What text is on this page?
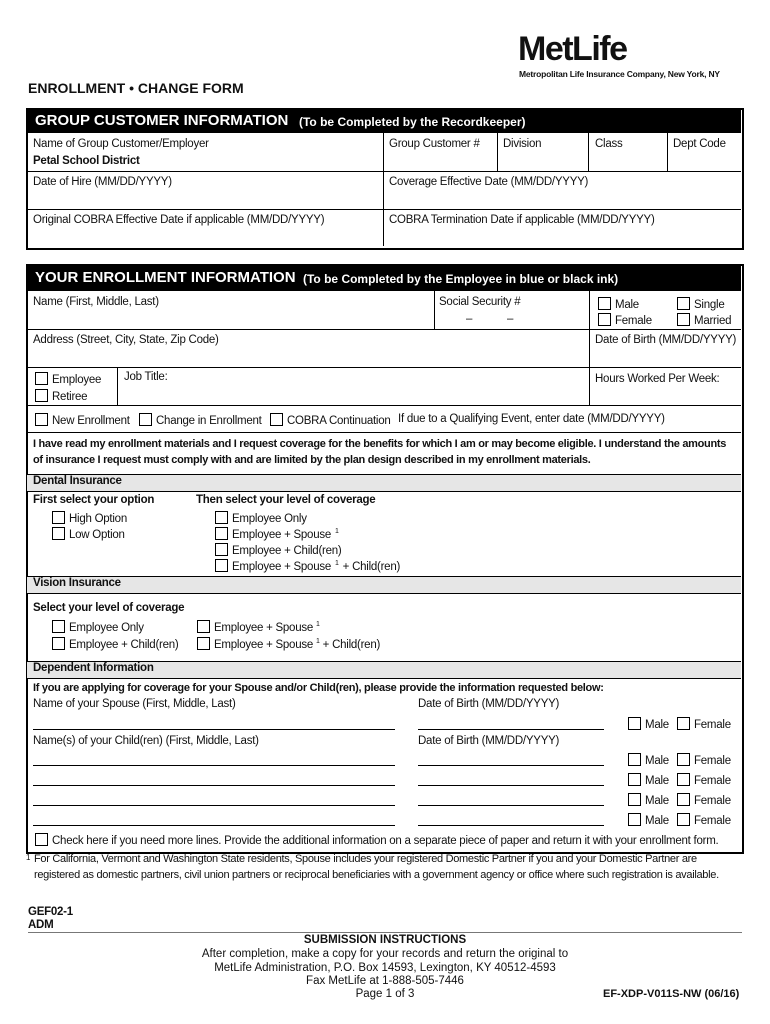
MetLife
Metropolitan Life Insurance Company, New York, NY
ENROLLMENT • CHANGE FORM
GROUP CUSTOMER INFORMATION (To be Completed by the Recordkeeper)
Name of Group Customer/Employer
Petal School District
Group Customer # Division	Class	Dept Code
Date of Hire (MM/DD/YYYY)	Coverage Effective Date (MM/DD/YYYY)
Original COBRA Effective Date if applicable (MM/DD/YYYY)	COBRA Termination Date if applicable (MM/DD/YYYY)
YOUR ENROLLMENT INFORMATION (To be Completed by the Employee in blue or black ink)
Name (First, Middle, Last)	Social Security #
–	–
Male
Female
Single
Married
Address (Street, City, State, Zip Code)	Date of Birth (MM/DD/YYYY)
Employee
Retiree
Job Title:	Hours Worked Per Week:
New Enrollment	Change in Enrollment	COBRA Continuation If due to a Qualifying Event, enter date (MM/DD/YYYY)
I have read my enrollment materials and I request coverage for the benefits for which I am or may become eligible. I understand the amounts
of insurance I request must comply with and are limited by the plan design described in my enrollment materials.
Dental Insurance
First select your option	Then select your level of coverage
High Option
Low Option
Employee Only
Employee + Spouse $^1$
Employee + Child(ren)
Employee + Spouse $^1$ + Child(ren)
Vision Insurance
Select your level of coverage
Employee Only
Employee + Child(ren)
Employee + Spouse $^1$
Employee + Spouse $^1$ + Child(ren)
Dependent Information
If you are applying for coverage for your Spouse and/or Child(ren), please provide the information requested below:
Name of your Spouse (First, Middle, Last)	Date of Birth (MM/DD/YYYY)
Male	Female
Name(s) of your Child(ren) (First, Middle, Last)	Date of Birth (MM/DD/YYYY)
Male	Female
Male	Female
Male	Female
Male	Female
Check here if you need more lines. Provide the additional information on a separate piece of paper and return it with your enrollment form.
1 For California, Vermont and Washington State residents, Spouse includes your registered Domestic Partner if you and your Domestic Partner are
registered as domestic partners, civil union partners or reciprocal beneficiaries with a government agency or office where such registration is available.
GEF02-1
ADM
SUBMISSION INSTRUCTIONS
After completion, make a copy for your records and return the original to
MetLife Administration, P.O. Box 14593, Lexington, KY 40512-4593
Fax MetLife at 1-888-505-7446
Page 1 of 3	EF-XDP-V011S-NW (06/16)
